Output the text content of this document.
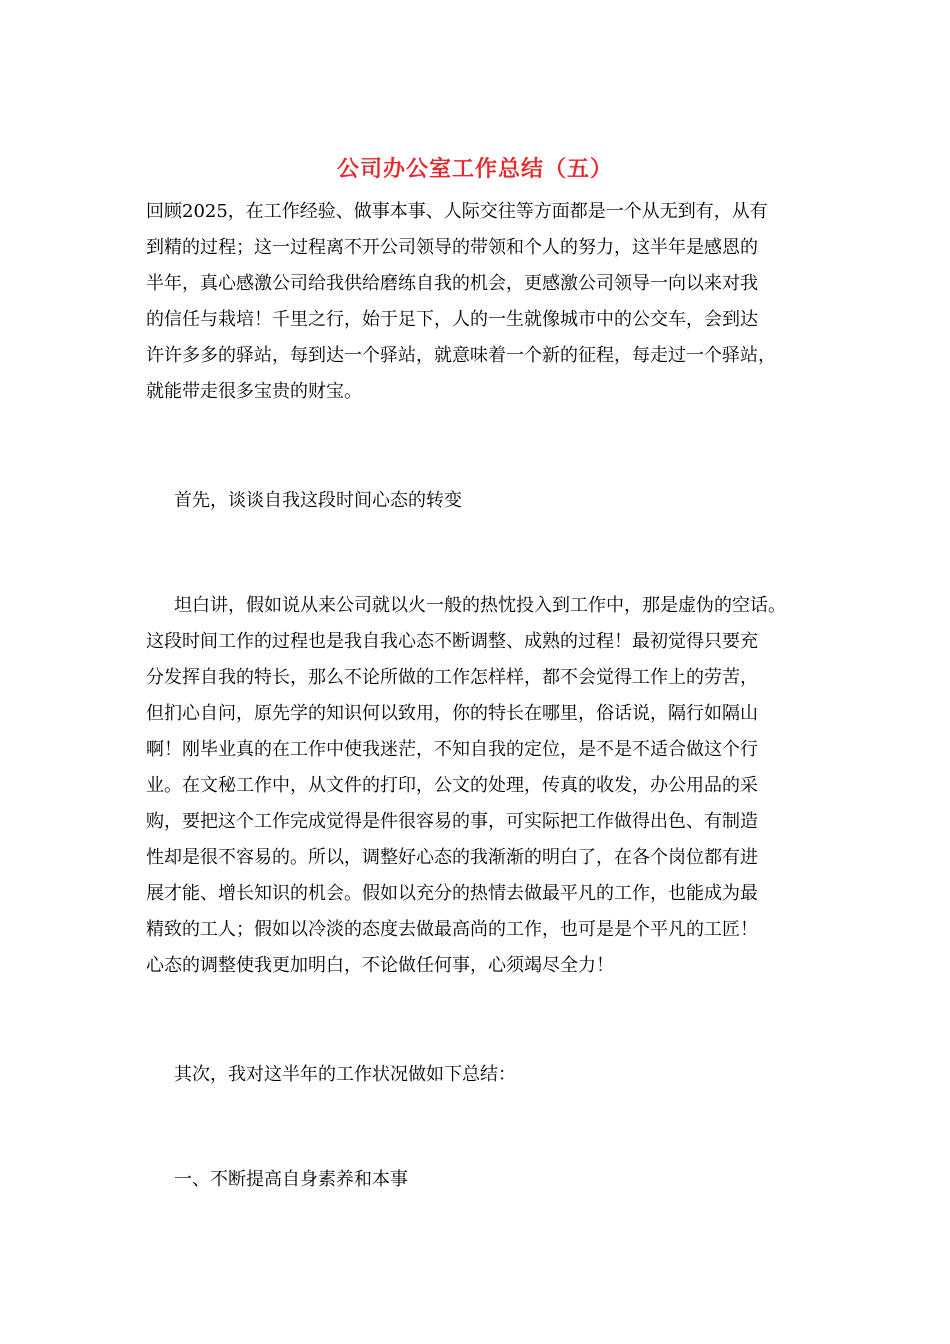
公司办公室工作总结（五）
回顾2025，在工作经验、做事本事、人际交往等方面都是一个从无到有，从有
到精的过程；这一过程离不开公司领导的带领和个人的努力，这半年是感恩的
半年，真心感激公司给我供给磨练自我的机会，更感激公司领导一向以来对我
的信任与栽培！千里之行，始于足下，人的一生就像城市中的公交车，会到达
许许多多的驿站，每到达一个驿站，就意味着一个新的征程，每走过一个驿站，
就能带走很多宝贵的财宝。
首先，谈谈自我这段时间心态的转变
坦白讲，假如说从来公司就以火一般的热忱投入到工作中，那是虚伪的空话。
这段时间工作的过程也是我自我心态不断调整、成熟的过程！最初觉得只要充
分发挥自我的特长，那么不论所做的工作怎样样，都不会觉得工作上的劳苦，
但扪心自问，原先学的知识何以致用，你的特长在哪里，俗话说，隔行如隔山
啊！刚毕业真的在工作中使我迷茫，不知自我的定位，是不是不适合做这个行
业。在文秘工作中，从文件的打印，公文的处理，传真的收发，办公用品的采
购，要把这个工作完成觉得是件很容易的事，可实际把工作做得出色、有制造
性却是很不容易的。所以，调整好心态的我渐渐的明白了，在各个岗位都有进
展才能、增长知识的机会。假如以充分的热情去做最平凡的工作，也能成为最
精致的工人；假如以冷淡的态度去做最高尚的工作，也可是是个平凡的工匠！
心态的调整使我更加明白，不论做任何事，心须竭尽全力！
其次，我对这半年的工作状况做如下总结：
一、不断提高自身素养和本事
